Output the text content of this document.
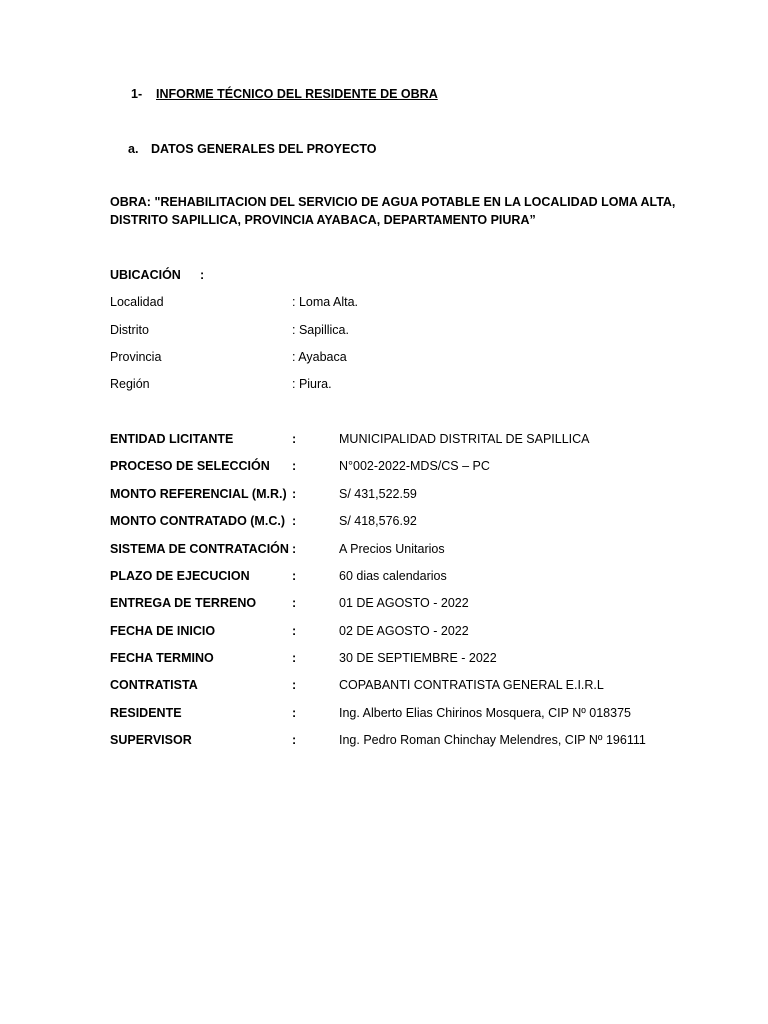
1- INFORME TÉCNICO DEL RESIDENTE DE OBRA
a. DATOS GENERALES DEL PROYECTO
OBRA: "REHABILITACION DEL SERVICIO DE AGUA POTABLE EN LA LOCALIDAD LOMA ALTA,
DISTRITO SAPILLICA, PROVINCIA AYABACA, DEPARTAMENTO PIURA”
UBICACIÓN :
Localidad	: Loma Alta.
Distrito	: Sapillica.
Provincia	: Ayabaca
Región	: Piura.
ENTIDAD LICITANTE	:	MUNICIPALIDAD DISTRITAL DE SAPILLICA
PROCESO DE SELECCIÓN :	N°002-2022-MDS/CS – PC
MONTO REFERENCIAL (M.R.) :	S/ 431,522.59
MONTO CONTRATADO (M.C.) :	S/ 418,576.92
SISTEMA DE CONTRATACIÓN :	A Precios Unitarios
PLAZO DE EJECUCION	:	60 dias calendarios
ENTREGA DE TERRENO	:	01 DE AGOSTO - 2022
FECHA DE INICIO	:	02 DE AGOSTO - 2022
FECHA TERMINO	:	30 DE SEPTIEMBRE - 2022
CONTRATISTA	:	COPABANTI CONTRATISTA GENERAL E.I.R.L
RESIDENTE	:	Ing. Alberto Elias Chirinos Mosquera, CIP Nº 018375
SUPERVISOR	:	Ing. Pedro Roman Chinchay Melendres, CIP Nº 196111
